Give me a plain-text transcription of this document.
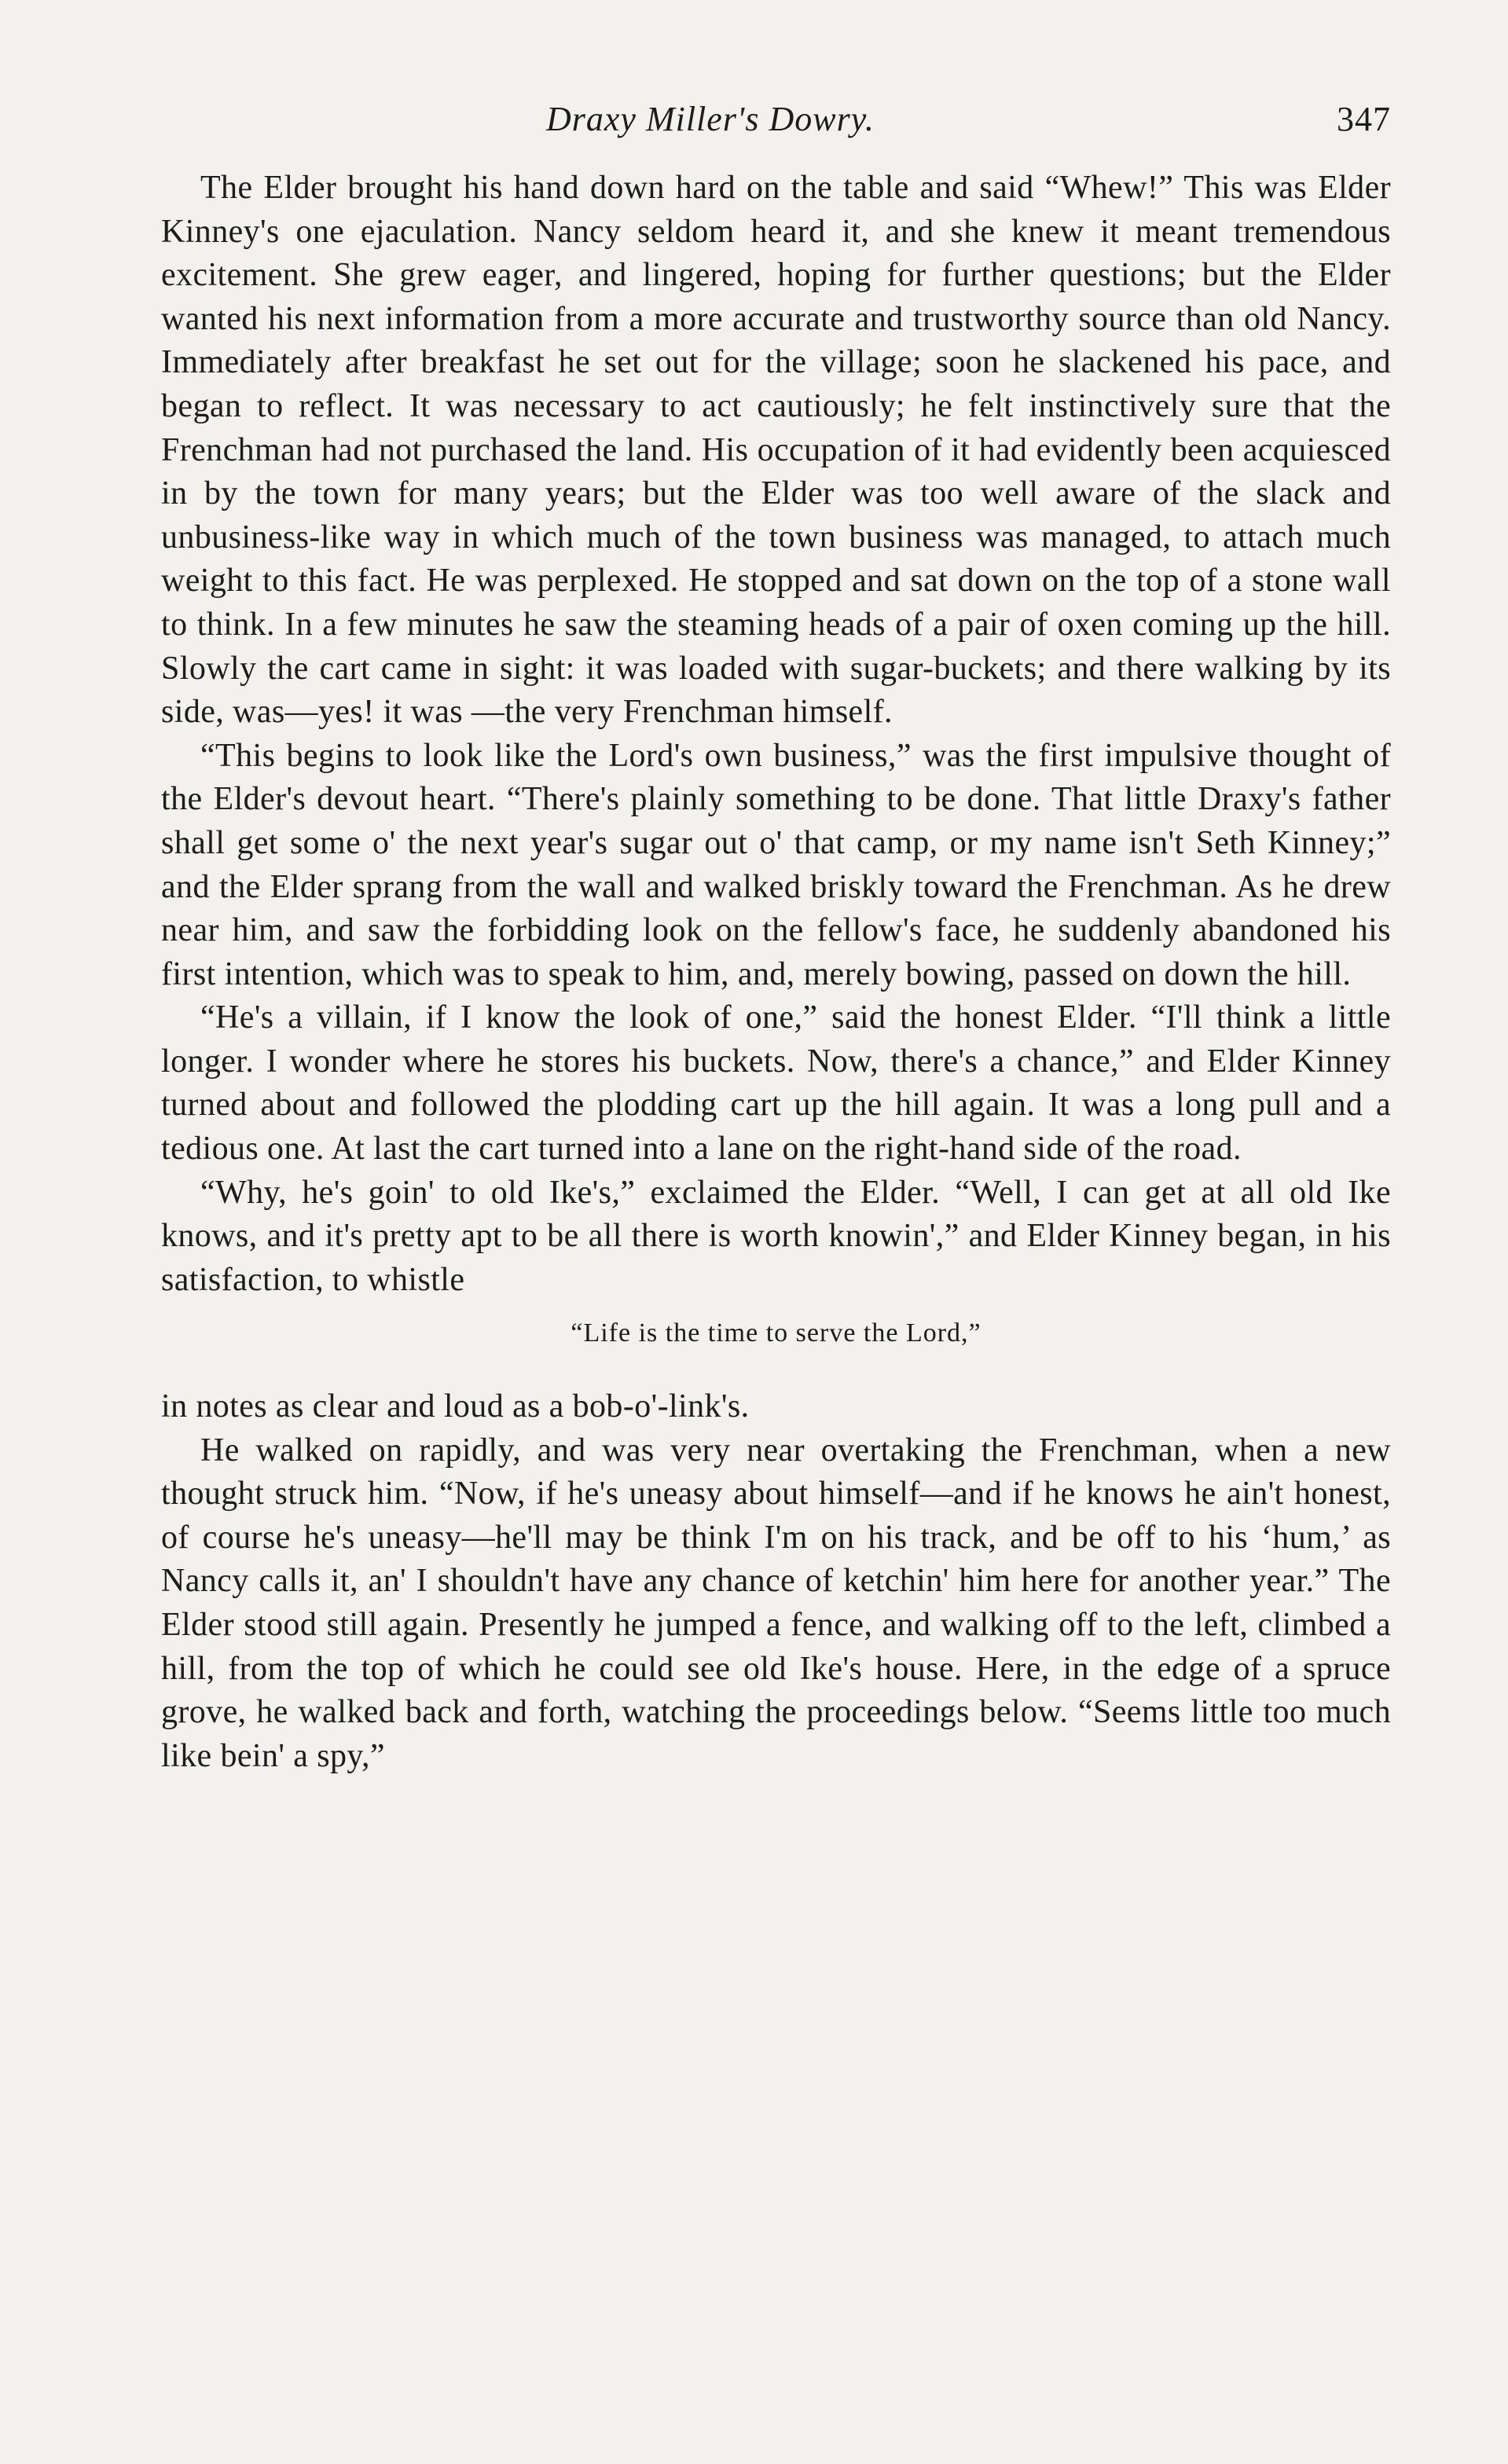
Draxy Miller's Dowry.	347

The Elder brought his hand down hard on the table and said “Whew!” This was Elder Kinney's one ejaculation. Nancy seldom heard it, and she knew it meant tremendous excitement. She grew eager, and lingered, hoping for further questions; but the Elder wanted his next information from a more accurate and trustworthy source than old Nancy. Immediately after breakfast he set out for the village; soon he slackened his pace, and began to reflect. It was necessary to act cautiously; he felt instinctively sure that the Frenchman had not purchased the land. His occupation of it had evidently been acquiesced in by the town for many years; but the Elder was too well aware of the slack and unbusiness-like way in which much of the town business was managed, to attach much weight to this fact. He was perplexed. He stopped and sat down on the top of a stone wall to think. In a few minutes he saw the steaming heads of a pair of oxen coming up the hill. Slowly the cart came in sight: it was loaded with sugar-buckets; and there walking by its side, was—yes! it was —the very Frenchman himself.

“This begins to look like the Lord's own business,” was the first impulsive thought of the Elder's devout heart. “There's plainly something to be done. That little Draxy's father shall get some o' the next year's sugar out o' that camp, or my name isn't Seth Kinney;” and the Elder sprang from the wall and walked briskly toward the Frenchman. As he drew near him, and saw the forbidding look on the fellow's face, he suddenly abandoned his first intention, which was to speak to him, and, merely bowing, passed on down the hill.

“He's a villain, if I know the look of one,” said the honest Elder. “I'll think a little longer. I wonder where he stores his buckets. Now, there's a chance,” and Elder Kinney turned about and followed the plodding cart up the hill again. It was a long pull and a tedious one. At last the cart turned into a lane on the right-hand side of the road.

“Why, he's goin' to old Ike's,” exclaimed the Elder. “Well, I can get at all old Ike knows, and it's pretty apt to be all there is worth knowin',” and Elder Kinney began, in his satisfaction, to whistle

“Life is the time to serve the Lord,”

in notes as clear and loud as a bob-o'-link's.

He walked on rapidly, and was very near overtaking the Frenchman, when a new thought struck him. “Now, if he's uneasy about himself—and if he knows he ain't honest, of course he's uneasy—he'll may be think I'm on his track, and be off to his ‘hum,’ as Nancy calls it, an' I shouldn't have any chance of ketchin' him here for another year.” The Elder stood still again. Presently he jumped a fence, and walking off to the left, climbed a hill, from the top of which he could see old Ike's house. Here, in the edge of a spruce grove, he walked back and forth, watching the proceedings below. “Seems little too much like bein' a spy,”
